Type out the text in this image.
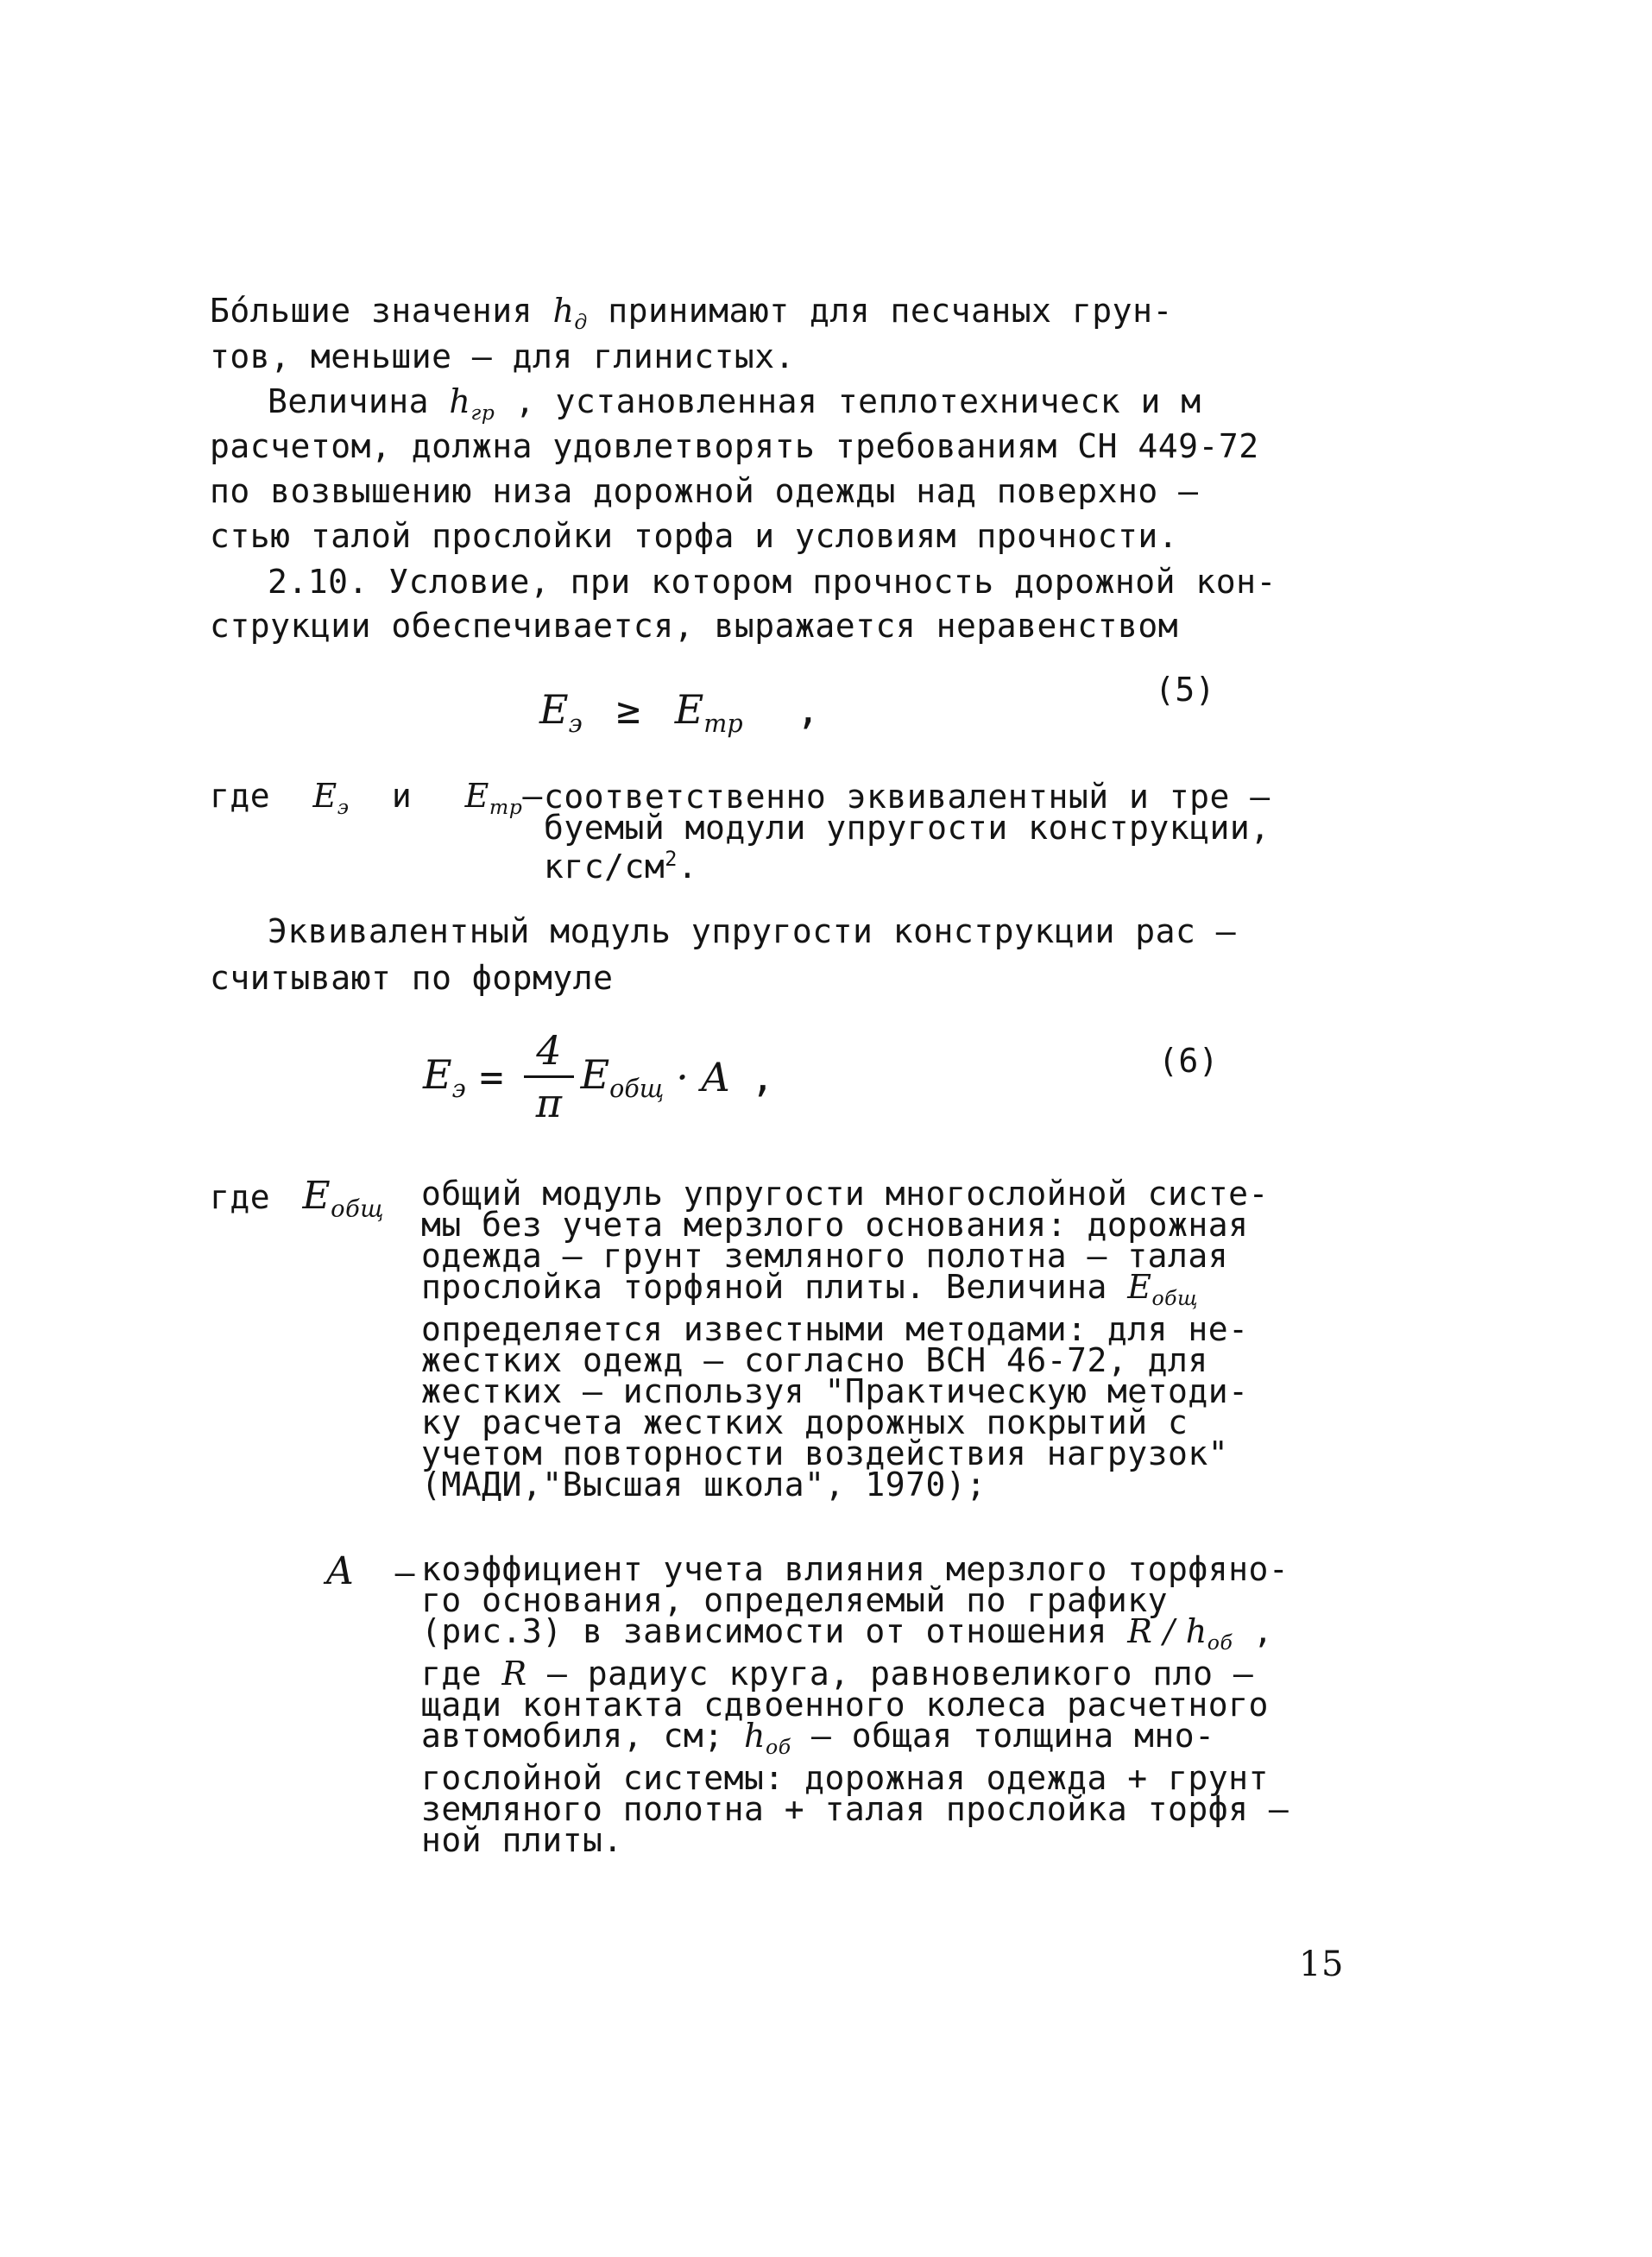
Бóльшие значения $h_д$ принимают для песчаных грун-
тов, меньшие – для глинистых.
Величина $h_{гр}$ , установленная теплотехническ и м
расчетом, должна удовлетворять требованиям СН 449-72
по возвышению низа дорожной одежды над поверхно –
стью талой прослойки торфа и условиям прочности.
2.10. Условие, при котором прочность дорожной кон-
струкции обеспечивается, выражается неравенством
$E_э \ge E_{тр}$ ,	(5)
где $E_э$ и $E_{тр}-$ соответственно эквивалентный и тре –
буемый модули упругости конструкции,
кгс/$см^2$.
Эквивалентный модуль упругости конструкции рас –
считывают по формуле
$E_э = \frac{4}{\pi} E_{общ} \cdot A$ ,	(6)
где $E_{общ}$ общий модуль упругости многослойной систе-
мы без учета мерзлого основания: дорожная
одежда – грунт земляного полотна – талая
прослойка торфяной плиты. Величина $E_{общ}$
определяется известными методами: для не-
жестких одежд – согласно ВСН 46-72, для
жестких – используя "Практическую методи-
ку расчета жестких дорожных покрытий с
учетом повторности воздействия нагрузок"
(МАДИ,"Высшая школа", 1970);
A – коэффициент учета влияния мерзлого торфяно-
го основания, определяемый по графику
(рис.3) в зависимости от отношения R / $h_{об}$ ,
где R – радиус круга, равновеликого пло –
щади контакта сдвоенного колеса расчетного
автомобиля, см; $h_{об}$ – общая толщина мно-
гослойной системы: дорожная одежда + грунт
земляного полотна + талая прослойка торфя –
ной плиты.
15
